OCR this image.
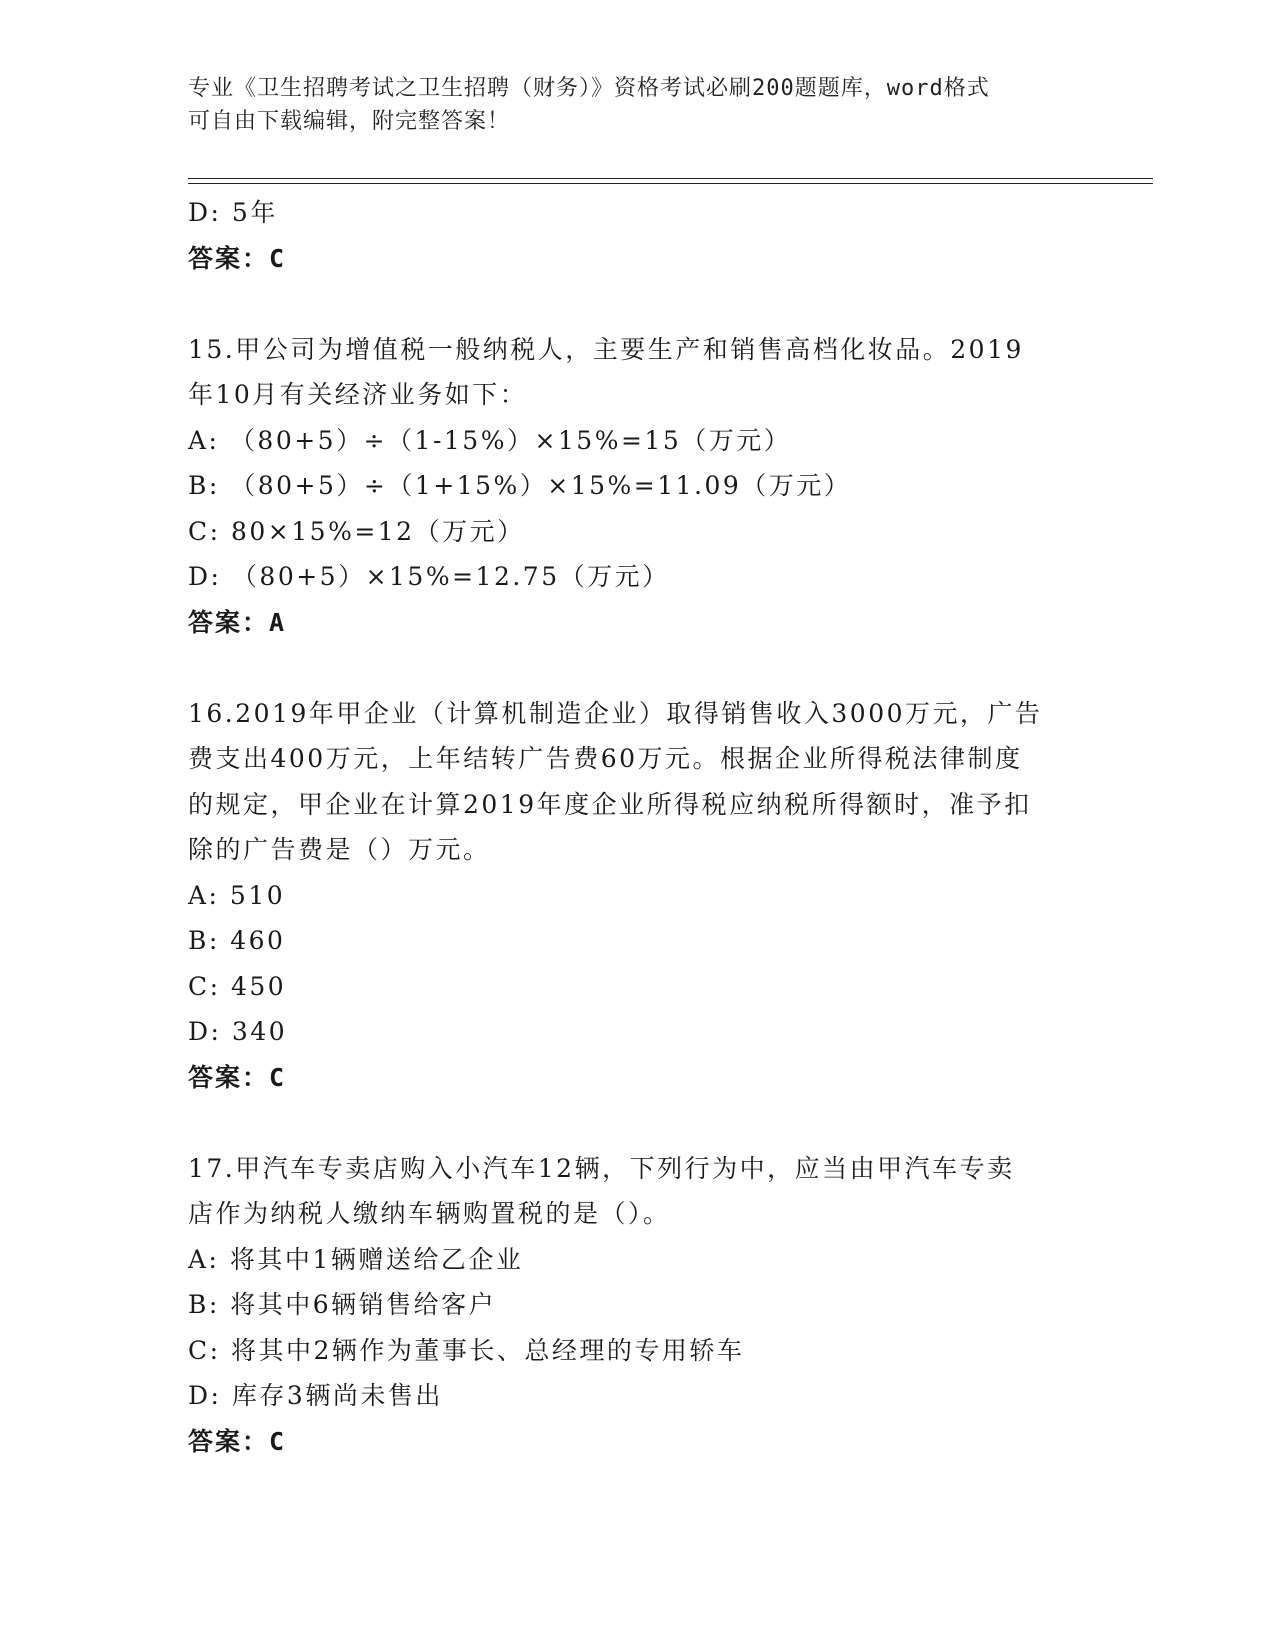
专业《卫生招聘考试之卫生招聘（财务）》资格考试必刷200题题库，word格式
可自由下载编辑，附完整答案！
D: 5年
答案：C
15.甲公司为增值税一般纳税人，主要生产和销售高档化妆品。2019
年10月有关经济业务如下：
A: （80+5）÷（1-15%）×15%=15（万元）
B: （80+5）÷（1+15%）×15%=11.09（万元）
C: 80×15%=12（万元）
D: （80+5）×15%=12.75（万元）
答案：A
16.2019年甲企业（计算机制造企业）取得销售收入3000万元，广告
费支出400万元，上年结转广告费60万元。根据企业所得税法律制度
的规定，甲企业在计算2019年度企业所得税应纳税所得额时，准予扣
除的广告费是（）万元。
A: 510
B: 460
C: 450
D: 340
答案：C
17.甲汽车专卖店购入小汽车12辆，下列行为中，应当由甲汽车专卖
店作为纳税人缴纳车辆购置税的是（）。
A: 将其中1辆赠送给乙企业
B: 将其中6辆销售给客户
C: 将其中2辆作为董事长、总经理的专用轿车
D: 库存3辆尚未售出
答案：C
